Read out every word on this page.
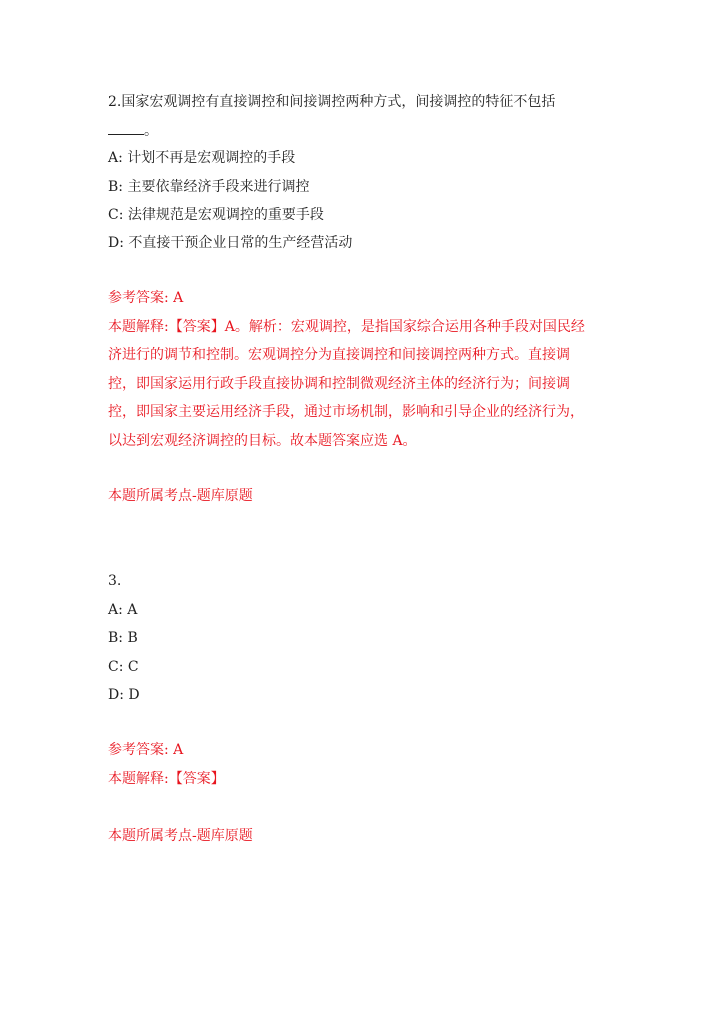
2.国家宏观调控有直接调控和间接调控两种方式，间接调控的特征不包括
。
A: 计划不再是宏观调控的手段
B: 主要依靠经济手段来进行调控
C: 法律规范是宏观调控的重要手段
D: 不直接干预企业日常的生产经营活动
参考答案: A
本题解释:【答案】A。解析：宏观调控，是指国家综合运用各种手段对国民经
济进行的调节和控制。宏观调控分为直接调控和间接调控两种方式。直接调
控，即国家运用行政手段直接协调和控制微观经济主体的经济行为；间接调
控，即国家主要运用经济手段，通过市场机制，影响和引导企业的经济行为，
以达到宏观经济调控的目标。故本题答案应选 A。
本题所属考点-题库原题
3.
A: A
B: B
C: C
D: D
参考答案: A
本题解释:【答案】
本题所属考点-题库原题
